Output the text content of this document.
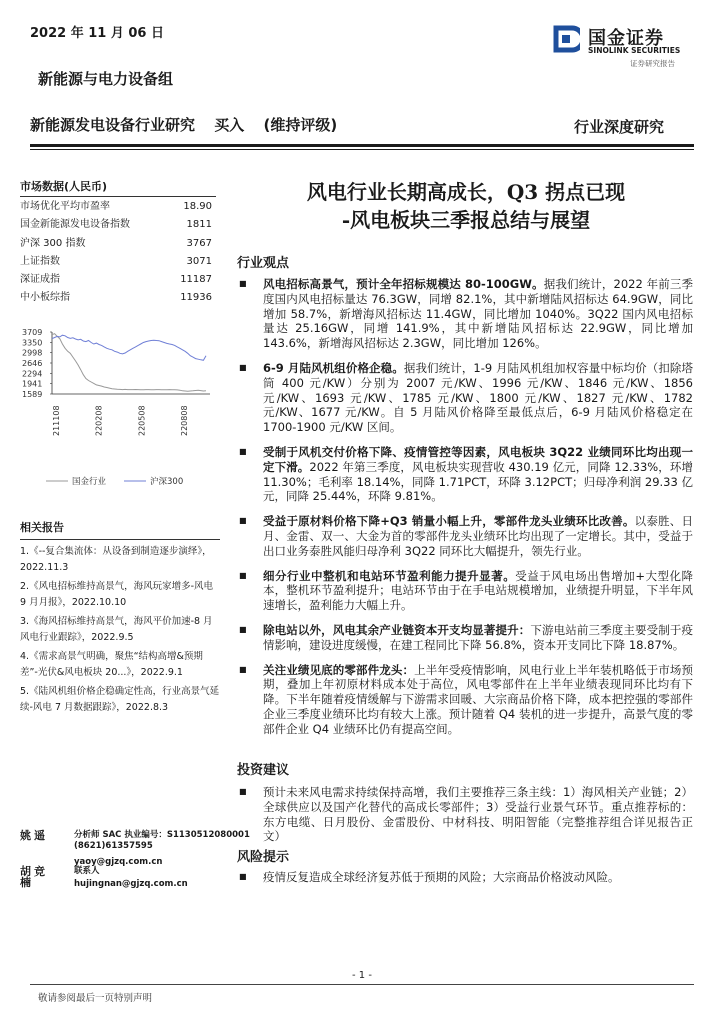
2022 年 11 月 06 日	国金证券
SINOLINK SECURITIES
证券研究报告
新能源与电力设备组
新能源发电设备行业研究 买入 (维持评级)	行业深度研究
市场数据(人民币)
市场优化平均市盈率	18.90
国金新能源发电设备指数	1811
沪深 300 指数	3767
上证指数	3071
深证成指	11187
中小板综指	11936
3709
3350
2998
2646
2294
1941
1589
211108	220208	220508	220808
国金行业	沪深300
相关报告
1.《--复合集流体：从设备到制造逐步演绎》，2022.11.3
2.《风电招标维持高景气，海风玩家增多-风电 9 月月报》，2022.10.10
3.《海风招标维持高景气，海风平价加速-8 月风电行业跟踪》，2022.9.5
4.《需求高景气明确，聚焦“结构高增&预期差”-光伏&风电板块 20...》，2022.9.1
5.《陆风机组价格企稳确定性高，行业高景气延续-风电 7 月数据跟踪》，2022.8.3
姚遥	分析师 SAC 执业编号：S1130512080001
(8621)61357595
yaoy@gjzq.com.cn
胡竞楠
联系人
hujingnan@gjzq.com.cn
风电行业长期高成长，Q3 拐点已现
-风电板块三季报总结与展望
行业观点
■ 风电招标高景气，预计全年招标规模达 80-100GW。据我们统计，2022 年前三季度国内风电招标量达 76.3GW，同增 82.1%，其中新增陆风招标达 64.9GW，同比增加 58.7%，新增海风招标达 11.4GW，同比增加 1040%。3Q22 国内风电招标量达 25.16GW，同增 141.9%，其中新增陆风招标达 22.9GW，同比增加 143.6%，新增海风招标达 2.3GW，同比增加 126%。
■ 6-9 月陆风机组价格企稳。据我们统计，1-9 月陆风机组加权容量中标均价（扣除塔筒 400 元/KW）分别为 2007 元/KW、1996 元/KW、1846 元/KW、1856 元/KW、1693 元/KW、1785 元/KW、1800 元/KW、1827 元/KW、1782 元/KW、1677 元/KW。自 5 月陆风价格降至最低点后，6-9 月陆风价格稳定在 1700-1900 元/KW 区间。
■ 受制于风机交付价格下降、疫情管控等因素，风电板块 3Q22 业绩同环比均出现一定下滑。2022 年第三季度，风电板块实现营收 430.19 亿元，同降 12.33%，环增 11.30%；毛利率 18.14%，同降 1.71PCT，环降 3.12PCT；归母净利润 29.33 亿元，同降 25.44%，环降 9.81%。
■ 受益于原材料价格下降+Q3 销量小幅上升，零部件龙头业绩环比改善。以泰胜、日月、金雷、双一、大金为首的零部件龙头业绩环比均出现了一定增长。其中，受益于出口业务泰胜风能归母净利 3Q22 同环比大幅提升，领先行业。
■ 细分行业中整机和电站环节盈利能力提升显著。受益于风电场出售增加+大型化降本，整机环节盈利提升；电站环节由于在手电站规模增加，业绩提升明显，下半年风速增长，盈利能力大幅上升。
■ 除电站以外，风电其余产业链资本开支均显著提升：下游电站前三季度主要受制于疫情影响，建设进度缓慢，在建工程同比下降 56.8%，资本开支同比下降 18.87%。
■ 关注业绩见底的零部件龙头：上半年受疫情影响，风电行业上半年装机略低于市场预期，叠加上年初原材料成本处于高位，风电零部件在上半年业绩表现同环比均有下降。下半年随着疫情缓解与下游需求回暖、大宗商品价格下降，成本把控强的零部件企业三季度业绩环比均有较大上涨。预计随着 Q4 装机的进一步提升，高景气度的零部件企业 Q4 业绩环比仍有提高空间。
投资建议
■ 预计未来风电需求持续保持高增，我们主要推荐三条主线：1）海风相关产业链；2）全球供应以及国产化替代的高成长零部件；3）受益行业景气环节。重点推荐标的：东方电缆、日月股份、金雷股份、中材科技、明阳智能（完整推荐组合详见报告正文）
风险提示
■ 疫情反复造成全球经济复苏低于预期的风险；大宗商品价格波动风险。
- 1 -
敬请参阅最后一页特别声明
